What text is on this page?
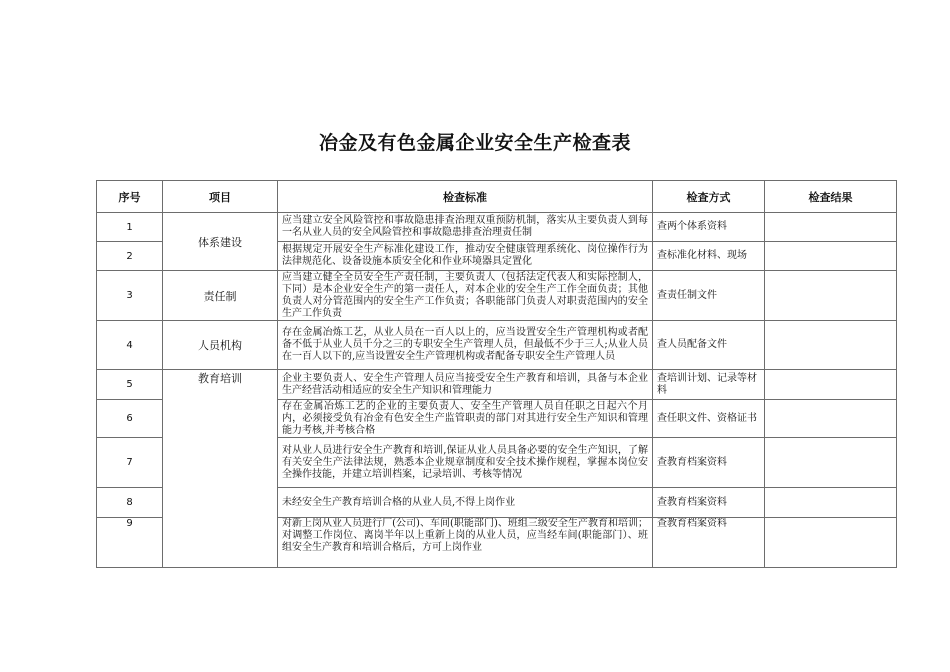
冶金及有色金属企业安全生产检查表
序号	项目	检查标准	检查方式	检查结果
1	体系建设	应当建立安全风险管控和事故隐患排查治理双重预防机制，落实从主要负责人到每一名从业人员的安全风险管控和事故隐患排查治理责任制	查两个体系资料	
2		根据规定开展安全生产标准化建设工作，推动安全健康管理系统化、岗位操作行为法律规范化、设备设施本质安全化和作业环境器具定置化	查标准化材料、现场	
3	责任制	应当建立健全全员安全生产责任制，主要负责人（包括法定代表人和实际控制人，下同）是本企业安全生产的第一责任人，对本企业的安全生产工作全面负责；其他负责人对分管范围内的安全生产工作负责；各职能部门负责人对职责范围内的安全生产工作负责	查责任制文件	
4	人员机构	存在金属冶炼工艺，从业人员在一百人以上的，应当设置安全生产管理机构或者配备不低于从业人员千分之三的专职安全生产管理人员，但最低不少于三人;从业人员在一百人以下的,应当设置安全生产管理机构或者配备专职安全生产管理人员	查人员配备文件	
5	教育培训	企业主要负责人、安全生产管理人员应当接受安全生产教育和培训，具备与本企业生产经营活动相适应的安全生产知识和管理能力	查培训计划、记录等材料	
6		存在金属冶炼工艺的企业的主要负责人、安全生产管理人员自任职之日起六个月内，必须接受负有冶金有色安全生产监管职责的部门对其进行安全生产知识和管理能力考核,并考核合格	查任职文件、资格证书	
7		对从业人员进行安全生产教育和培训,保证从业人员具备必要的安全生产知识，了解有关安全生产法律法规，熟悉本企业规章制度和安全技术操作规程，掌握本岗位安全操作技能，并建立培训档案，记录培训、考核等情况	查教育档案资料	
8		未经安全生产教育培训合格的从业人员,不得上岗作业	查教育档案资料	
9		对新上岗从业人员进行厂(公司)、车间(职能部门)、班组三级安全生产教育和培训；对调整工作岗位、离岗半年以上重新上岗的从业人员，应当经车间(职能部门）、班组安全生产教育和培训合格后，方可上岗作业	查教育档案资料	
